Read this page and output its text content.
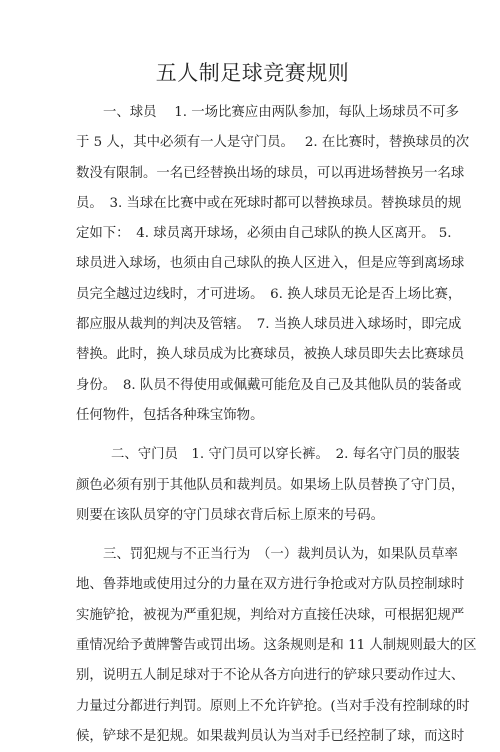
五人制足球竞赛规则
一、球员　 1. 一场比赛应由两队参加，每队上场球员不可多
于 5 人，其中必须有一人是守门员。　 2. 在比赛时，替换球员的次
数没有限制。一名已经替换出场的球员，可以再进场替换另一名球
员。　3. 当球在比赛中或在死球时都可以替换球员。替换球员的规
定如下：　4. 球员离开球场，必须由自己球队的换人区离开。 5.
球员进入球场，也须由自己球队的换人区进入，但是应等到离场球
员完全越过边线时，才可进场。　6. 换人球员无论是否上场比赛，
都应服从裁判的判决及管辖。　7. 当换人球员进入球场时，即完成
替换。此时，换人球员成为比赛球员，被换人球员即失去比赛球员
身份。　8. 队员不得使用或佩戴可能危及自己及其他队员的装备或
任何物件，包括各种珠宝饰物。
二、守门员　1. 守门员可以穿长裤。　2. 每名守门员的服装
颜色必须有别于其他队员和裁判员。如果场上队员替换了守门员，
则要在该队员穿的守门员球衣背后标上原来的号码。
三、罚犯规与不正当行为　（一）裁判员认为，如果队员草率
地、鲁莽地或使用过分的力量在双方进行争抢或对方队员控制球时
实施铲抢，被视为严重犯规，判给对方直接任决球，可根据犯规严
重情况给予黄牌警告或罚出场。这条规则是和 11 人制规则最大的区
别，说明五人制足球对于不论从各方向进行的铲球只要动作过大、
力量过分都进行判罚。原则上不允许铲抢。(当对手没有控制球的时
候，铲球不是犯规。如果裁判员认为当对手已经控制了球，而这时
